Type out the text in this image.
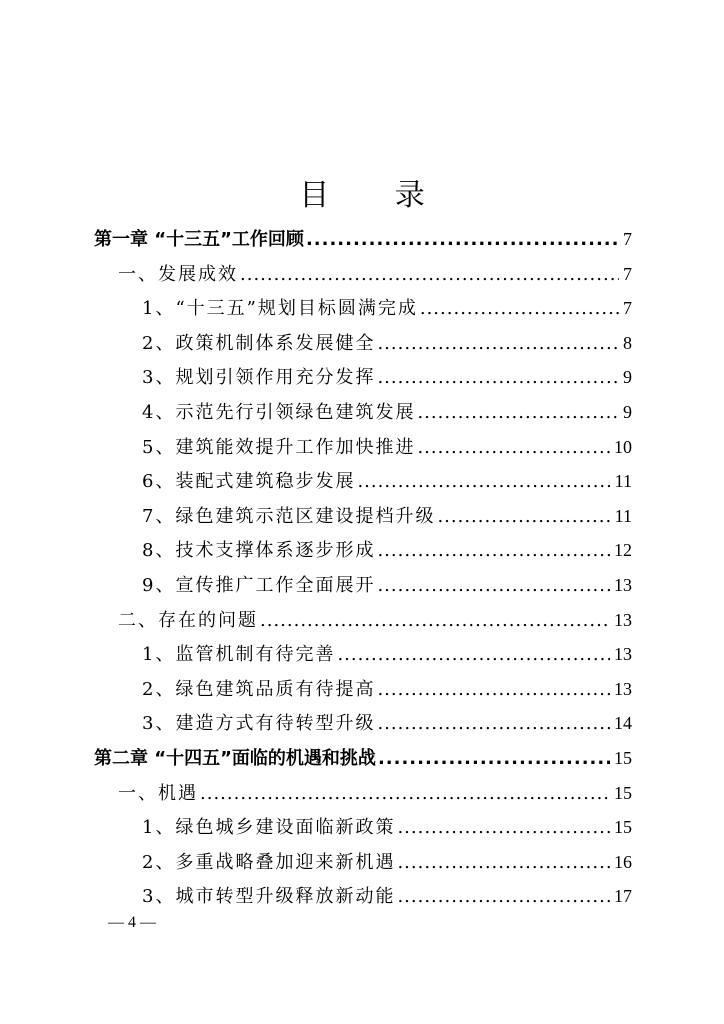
目 录
第一章 “十三五”工作回顾 .....	7
一、发展成效 .....	7
1、“十三五”规划目标圆满完成 .....	7
2、政策机制体系发展健全 .....	8
3、规划引领作用充分发挥 .....	9
4、示范先行引领绿色建筑发展 .....	9
5、建筑能效提升工作加快推进 .....	10
6、装配式建筑稳步发展 .....	11
7、绿色建筑示范区建设提档升级 .....	11
8、技术支撑体系逐步形成 .....	12
9、宣传推广工作全面展开 .....	13
二、存在的问题 .....	13
1、监管机制有待完善 .....	13
2、绿色建筑品质有待提高 .....	13
3、建造方式有待转型升级 .....	14
第二章 “十四五”面临的机遇和挑战 .....	15
一、机遇 .....	15
1、绿色城乡建设面临新政策 .....	15
2、多重战略叠加迎来新机遇 .....	16
3、城市转型升级释放新动能 .....	17
— 4 —
